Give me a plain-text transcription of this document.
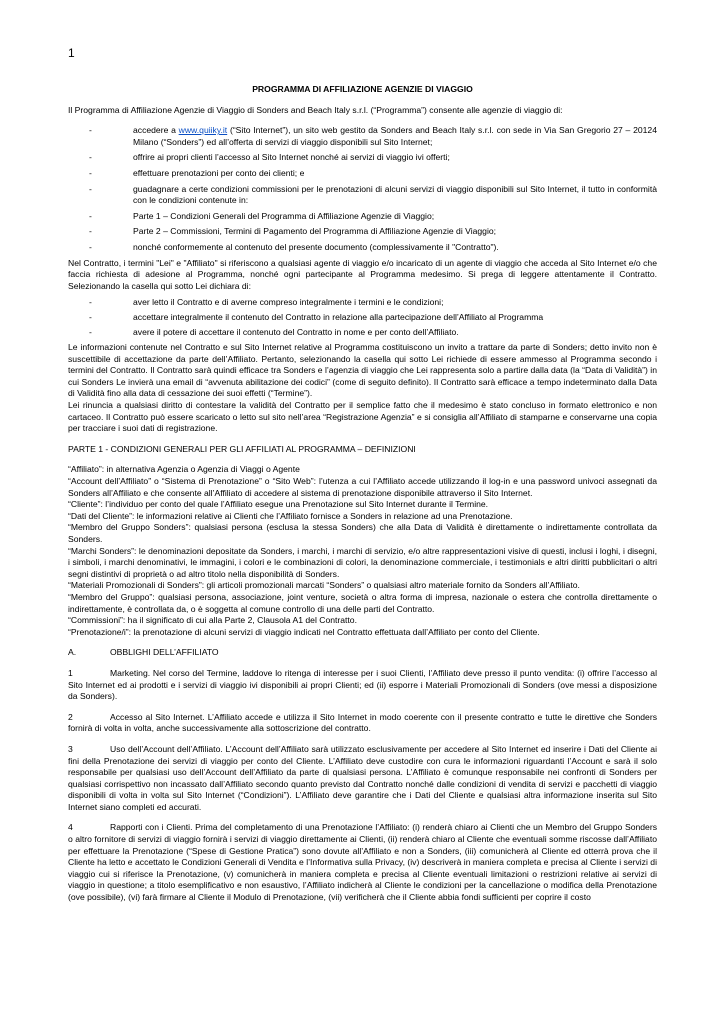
1

PROGRAMMA DI AFFILIAZIONE AGENZIE DI VIAGGIO

Il Programma di Affiliazione Agenzie di Viaggio di Sonders and Beach Italy s.r.l. (“Programma”) consente alle agenzie di viaggio di:

-	accedere a www.quiiky.it (“Sito Internet”), un sito web gestito da Sonders and Beach Italy s.r.l. con sede in Via San Gregorio 27 – 20124 Milano (“Sonders”) ed all’offerta di servizi di viaggio disponibili sul Sito Internet;
-	offrire ai propri clienti l’accesso al Sito Internet nonché ai servizi di viaggio ivi offerti;
-	effettuare prenotazioni per conto dei clienti; e
-	guadagnare a certe condizioni commissioni per le prenotazioni di alcuni servizi di viaggio disponibili sul Sito Internet, il tutto in conformità con le condizioni contenute in:
-	Parte 1 – Condizioni Generali del Programma di Affiliazione Agenzie di Viaggio;
-	Parte 2 – Commissioni, Termini di Pagamento del Programma di Affiliazione Agenzie di Viaggio;
-	nonché conformemente al contenuto del presente documento (complessivamente il "Contratto").

Nel Contratto, i termini "Lei" e "Affiliato" si riferiscono a qualsiasi agente di viaggio e/o incaricato di un agente di viaggio che acceda al Sito Internet e/o che faccia richiesta di adesione al Programma, nonché ogni partecipante al Programma medesimo. Si prega di leggere attentamente il Contratto. Selezionando la casella qui sotto Lei dichiara di:

-	aver letto il Contratto e di averne compreso integralmente i termini e le condizioni;
-	accettare integralmente il contenuto del Contratto in relazione alla partecipazione dell’Affiliato al Programma
-	avere il potere di accettare il contenuto del Contratto in nome e per conto dell’Affiliato.

Le informazioni contenute nel Contratto e sul Sito Internet relative al Programma costituiscono un invito a trattare da parte di Sonders; detto invito non è suscettibile di accettazione da parte dell’Affiliato. Pertanto, selezionando la casella qui sotto Lei richiede di essere ammesso al Programma secondo i termini del Contratto. Il Contratto sarà quindi efficace tra Sonders e l’agenzia di viaggio che Lei rappresenta solo a partire dalla data (la “Data di Validità”) in cui Sonders Le invierà una email di “avvenuta abilitazione dei codici” (come di seguito definito). Il Contratto sarà efficace a tempo indeterminato dalla Data di Validità fino alla data di cessazione dei suoi effetti (“Termine”).

Lei rinuncia a qualsiasi diritto di contestare la validità del Contratto per il semplice fatto che il medesimo è stato concluso in formato elettronico e non cartaceo. Il Contratto può essere scaricato o letto sul sito nell’area “Registrazione Agenzia” e si consiglia all’Affiliato di stamparne e conservarne una copia per tracciare i suoi dati di registrazione.

PARTE 1 - CONDIZIONI GENERALI PER GLI AFFILIATI AL PROGRAMMA – DEFINIZIONI

“Affiliato”: in alternativa Agenzia o Agenzia di Viaggi o Agente

“Account dell’Affiliato” o “Sistema di Prenotazione” o “Sito Web”: l’utenza a cui l’Affiliato accede utilizzando il log-in e una password univoci assegnati da Sonders all’Affiliato e che consente all’Affiliato di accedere al sistema di prenotazione disponibile attraverso il Sito Internet.

“Cliente”: l’individuo per conto del quale l’Affiliato esegue una Prenotazione sul Sito Internet durante il Termine.

“Dati del Cliente”: le informazioni relative ai Clienti che l’Affiliato fornisce a Sonders in relazione ad una Prenotazione.

“Membro del Gruppo Sonders”: qualsiasi persona (esclusa la stessa Sonders) che alla Data di Validità è direttamente o indirettamente controllata da Sonders.

“Marchi Sonders”: le denominazioni depositate da Sonders, i marchi, i marchi di servizio, e/o altre rappresentazioni visive di questi, inclusi i loghi, i disegni, i simboli, i marchi denominativi, le immagini, i colori e le combinazioni di colori, la denominazione commerciale, i testimonials e altri diritti pubblicitari o altri segni distintivi di proprietà o ad altro titolo nella disponibilità di Sonders.

“Materiali Promozionali di Sonders”: gli articoli promozionali marcati “Sonders” o qualsiasi altro materiale fornito da Sonders all’Affiliato.

“Membro del Gruppo”: qualsiasi persona, associazione, joint venture, società o altra forma di impresa, nazionale o estera che controlla direttamente o indirettamente, è controllata da, o è soggetta al comune controllo di una delle parti del Contratto.

“Commissioni”: ha il significato di cui alla Parte 2, Clausola A1 del Contratto.

“Prenotazione/i”: la prenotazione di alcuni servizi di viaggio indicati nel Contratto effettuata dall’Affiliato per conto del Cliente.

A.	OBBLIGHI DELL’AFFILIATO

1	Marketing. Nel corso del Termine, laddove lo ritenga di interesse per i suoi Clienti, l’Affiliato deve presso il punto vendita: (i) offrire l’accesso al Sito Internet ed ai prodotti e i servizi di viaggio ivi disponibili ai propri Clienti; ed (ii) esporre i Materiali Promozionali di Sonders (ove messi a disposizione da Sonders).

2	Accesso al Sito Internet. L’Affiliato accede e utilizza il Sito Internet in modo coerente con il presente contratto e tutte le direttive che Sonders fornirà di volta in volta, anche successivamente alla sottoscrizione del contratto.

3	Uso dell’Account dell’Affiliato. L’Account dell’Affiliato sarà utilizzato esclusivamente per accedere al Sito Internet ed inserire i Dati del Cliente ai fini della Prenotazione dei servizi di viaggio per conto del Cliente. L’Affiliato deve custodire con cura le informazioni riguardanti l’Account e sarà il solo responsabile per qualsiasi uso dell’Account dell’Affiliato da parte di qualsiasi persona. L’Affiliato è comunque responsabile nei confronti di Sonders per qualsiasi corrispettivo non incassato dall’Affiliato secondo quanto previsto dal Contratto nonché dalle condizioni di vendita di servizi e pacchetti di viaggio disponibili di volta in volta sul Sito Internet (“Condizioni”). L’Affiliato deve garantire che i Dati del Cliente e qualsiasi altra informazione inserita sul Sito Internet siano completi ed accurati.

4	Rapporti con i Clienti. Prima del completamento di una Prenotazione l’Affiliato: (i) renderà chiaro ai Clienti che un Membro del Gruppo Sonders o altro fornitore di servizi di viaggio fornirà i servizi di viaggio direttamente ai Clienti, (ii) renderà chiaro al Cliente che eventuali somme riscosse dall’Affiliato per effettuare la Prenotazione (“Spese di Gestione Pratica”) sono dovute all’Affiliato e non a Sonders, (iii) comunicherà al Cliente ed otterrà prova che il Cliente ha letto e accettato le Condizioni Generali di Vendita e l’Informativa sulla Privacy, (iv) descriverà in maniera completa e precisa al Cliente i servizi di viaggio cui si riferisce la Prenotazione, (v) comunicherà in maniera completa e precisa al Cliente eventuali limitazioni o restrizioni relative ai servizi di viaggio in questione; a titolo esemplificativo e non esaustivo, l’Affiliato indicherà al Cliente le condizioni per la cancellazione o modifica della Prenotazione (ove possibile), (vi) farà firmare al Cliente il Modulo di Prenotazione, (vii) verificherà che il Cliente abbia fondi sufficienti per coprire il costo
